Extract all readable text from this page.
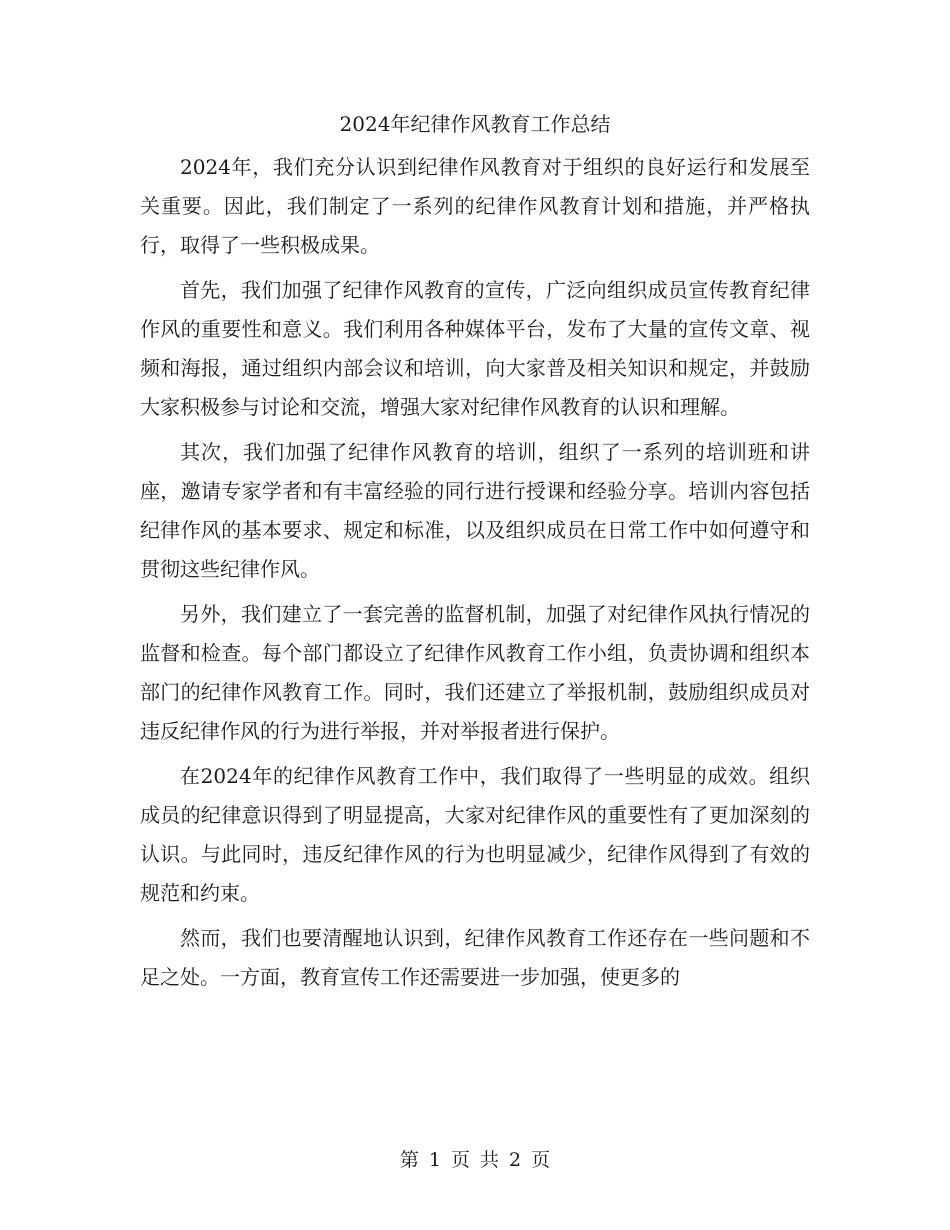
2024年纪律作风教育工作总结

2024年，我们充分认识到纪律作风教育对于组织的良好运行和发展至关重要。因此，我们制定了一系列的纪律作风教育计划和措施，并严格执行，取得了一些积极成果。

首先，我们加强了纪律作风教育的宣传，广泛向组织成员宣传教育纪律作风的重要性和意义。我们利用各种媒体平台，发布了大量的宣传文章、视频和海报，通过组织内部会议和培训，向大家普及相关知识和规定，并鼓励大家积极参与讨论和交流，增强大家对纪律作风教育的认识和理解。

其次，我们加强了纪律作风教育的培训，组织了一系列的培训班和讲座，邀请专家学者和有丰富经验的同行进行授课和经验分享。培训内容包括纪律作风的基本要求、规定和标准，以及组织成员在日常工作中如何遵守和贯彻这些纪律作风。

另外，我们建立了一套完善的监督机制，加强了对纪律作风执行情况的监督和检查。每个部门都设立了纪律作风教育工作小组，负责协调和组织本部门的纪律作风教育工作。同时，我们还建立了举报机制，鼓励组织成员对违反纪律作风的行为进行举报，并对举报者进行保护。

在2024年的纪律作风教育工作中，我们取得了一些明显的成效。组织成员的纪律意识得到了明显提高，大家对纪律作风的重要性有了更加深刻的认识。与此同时，违反纪律作风的行为也明显减少，纪律作风得到了有效的规范和约束。

然而，我们也要清醒地认识到，纪律作风教育工作还存在一些问题和不足之处。一方面，教育宣传工作还需要进一步加强，使更多的

第 1 页 共 2 页
